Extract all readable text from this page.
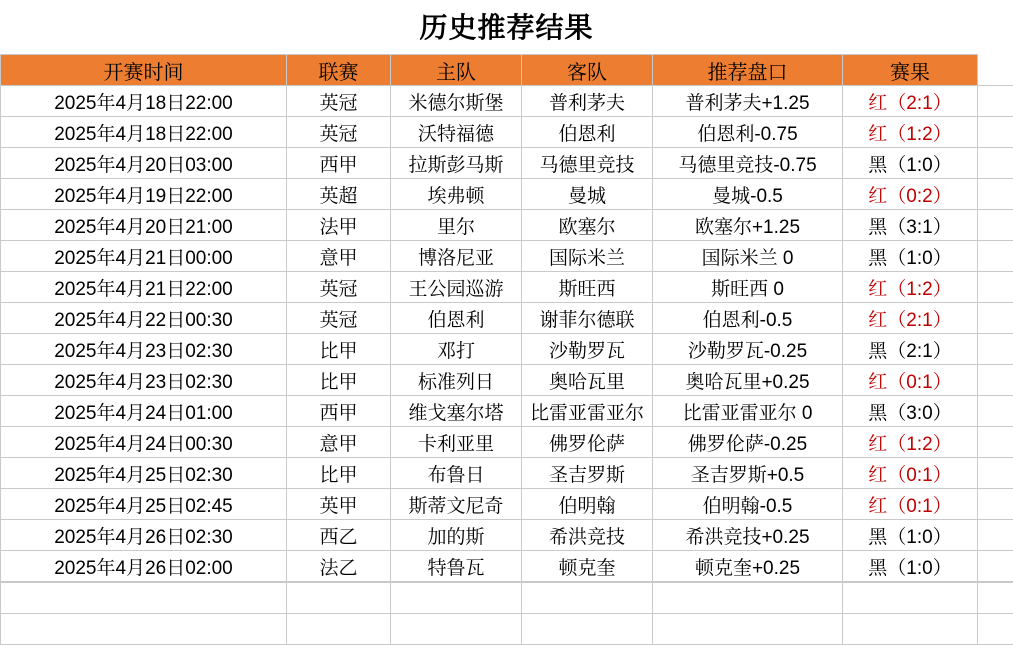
历史推荐结果
开赛时间	联赛	主队	客队	推荐盘口	赛果	
2025年4月18日22:00	英冠	米德尔斯堡	普利茅夫	普利茅夫+1.25	红（2:1）	
2025年4月18日22:00	英冠	沃特福德	伯恩利	伯恩利-0.75	红（1:2）	
2025年4月20日03:00	西甲	拉斯彭马斯	马德里竞技	马德里竞技-0.75	黑（1:0）	
2025年4月19日22:00	英超	埃弗顿	曼城	曼城-0.5	红（0:2）	
2025年4月20日21:00	法甲	里尔	欧塞尔	欧塞尔+1.25	黑（3:1）	
2025年4月21日00:00	意甲	博洛尼亚	国际米兰	国际米兰 0	黑（1:0）	
2025年4月21日22:00	英冠	王公园巡游	斯旺西	斯旺西 0	红（1:2）	
2025年4月22日00:30	英冠	伯恩利	谢菲尔德联	伯恩利-0.5	红（2:1）	
2025年4月23日02:30	比甲	邓打	沙勒罗瓦	沙勒罗瓦-0.25	黑（2:1）	
2025年4月23日02:30	比甲	标准列日	奥哈瓦里	奥哈瓦里+0.25	红（0:1）	
2025年4月24日01:00	西甲	维戈塞尔塔	比雷亚雷亚尔	比雷亚雷亚尔 0	黑（3:0）	
2025年4月24日00:30	意甲	卡利亚里	佛罗伦萨	佛罗伦萨-0.25	红（1:2）	
2025年4月25日02:30	比甲	布鲁日	圣吉罗斯	圣吉罗斯+0.5	红（0:1）	
2025年4月25日02:45	英甲	斯蒂文尼奇	伯明翰	伯明翰-0.5	红（0:1）	
2025年4月26日02:30	西乙	加的斯	希洪竞技	希洪竞技+0.25	黑（1:0）	
2025年4月26日02:00	法乙	特鲁瓦	顿克奎	顿克奎+0.25	黑（1:0）	
